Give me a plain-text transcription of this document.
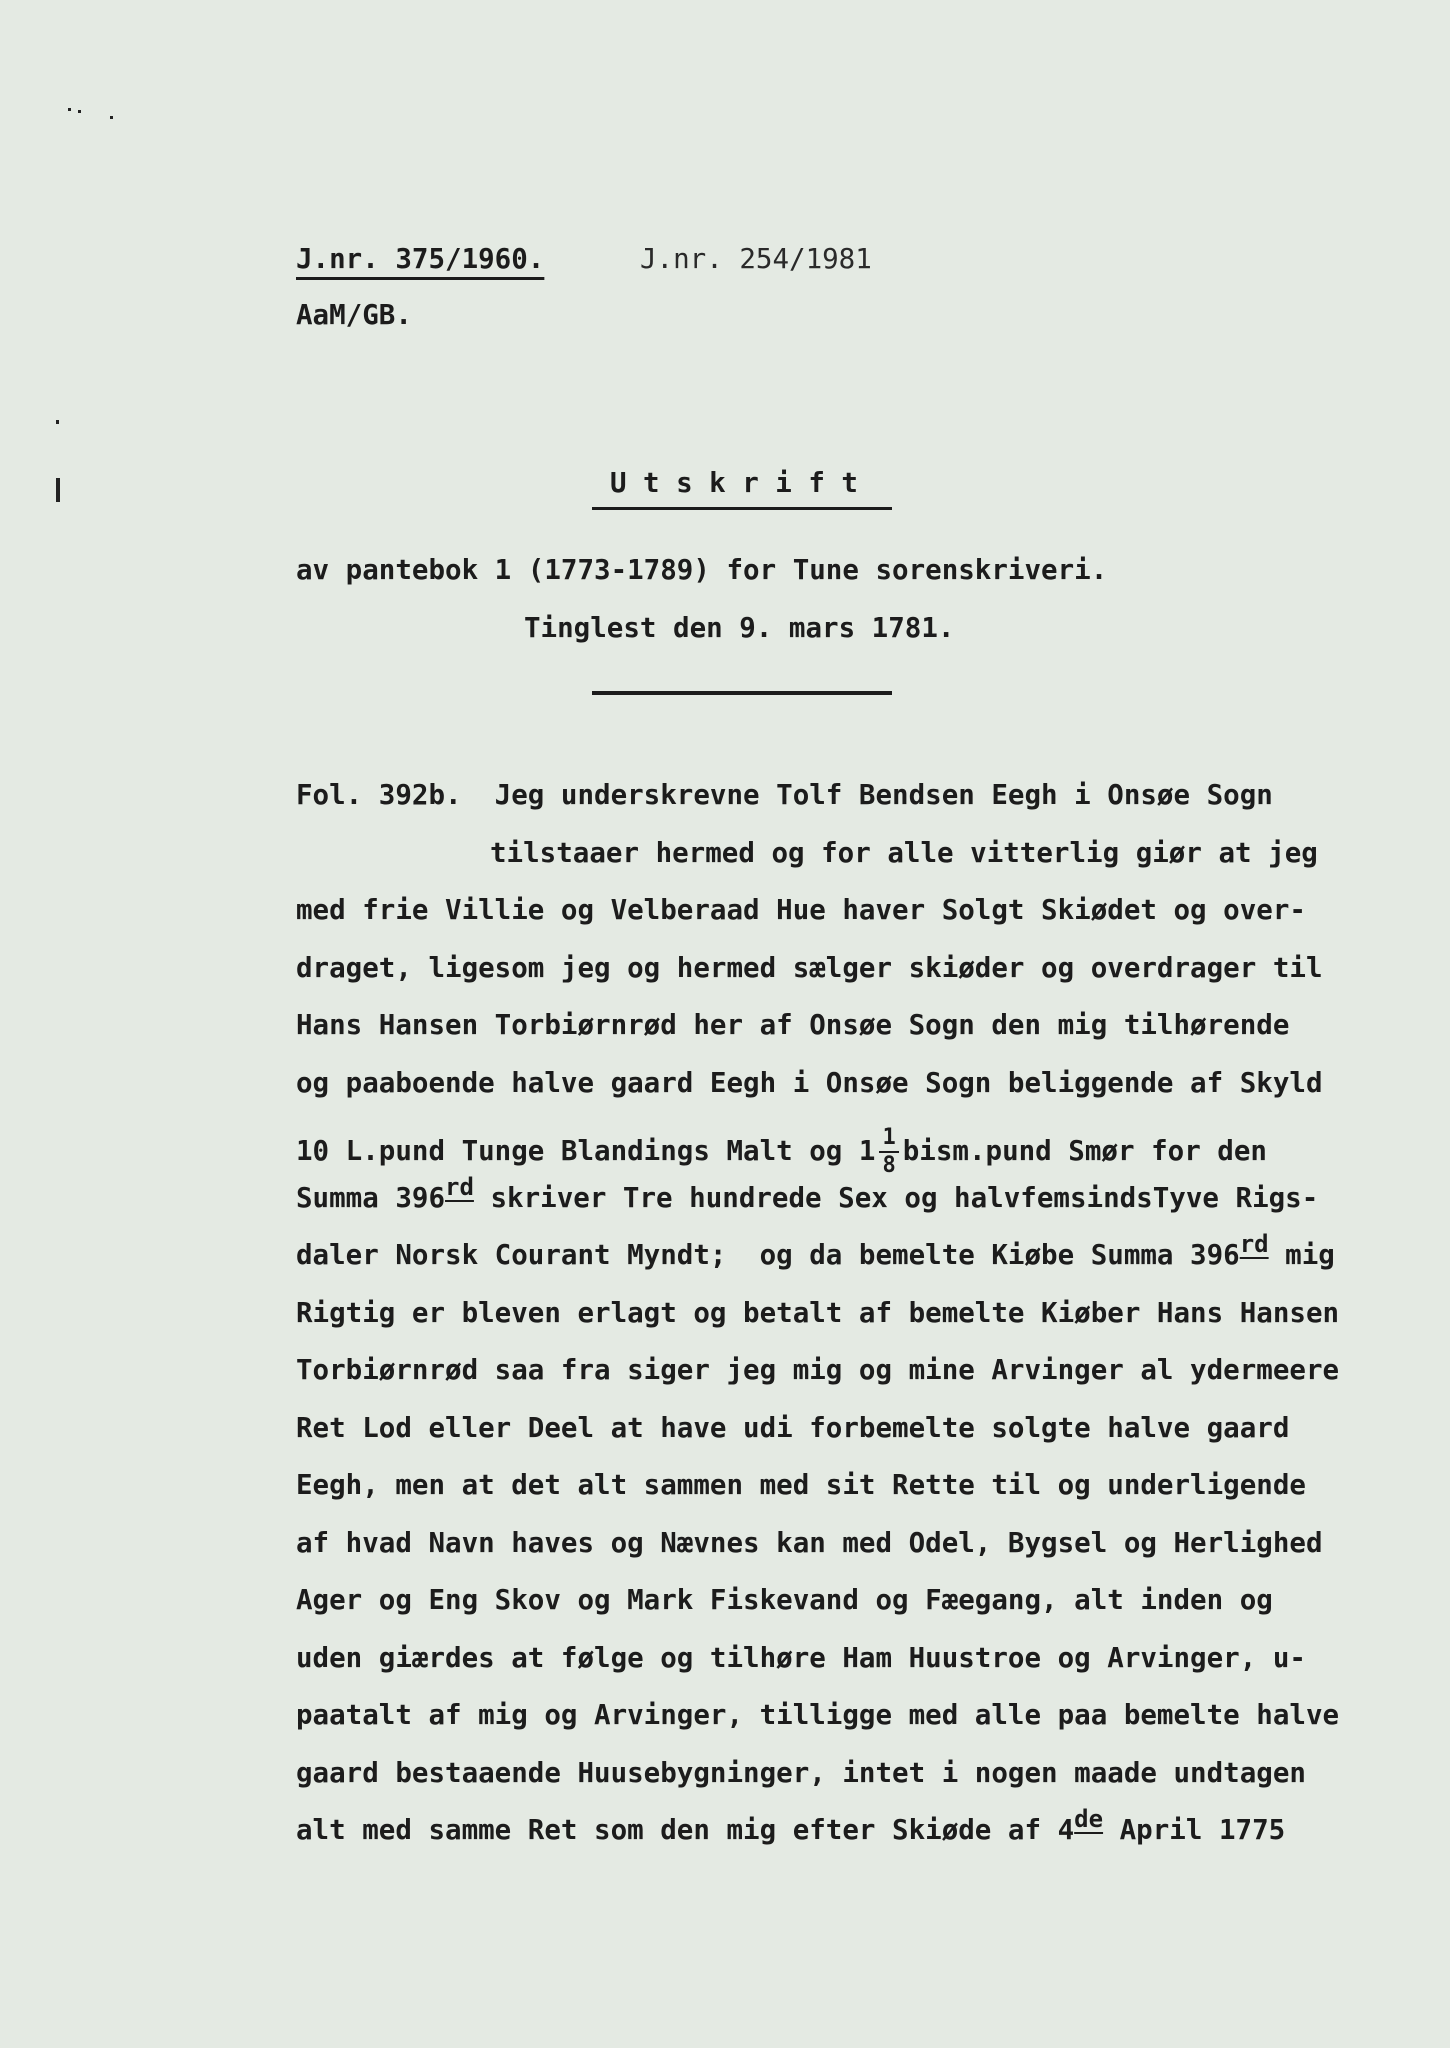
J.nr. 375/1960.	J.nr. 254/1981
AaM/GB.
Utskrift
av pantebok 1 (1773-1789) for Tune sorenskriveri.
Tinglest den 9. mars 1781.
Fol. 392b.  Jeg underskrevne Tolf Bendsen Eegh i Onsøe Sogn
tilstaaer hermed og for alle vitterlig giør at jeg
med frie Villie og Velberaad Hue haver Solgt Skiødet og over-
draget, ligesom jeg og hermed sælger skiøder og overdrager til
Hans Hansen Torbiørnrød her af Onsøe Sogn den mig tilhørende
og paaboende halve gaard Eegh i Onsøe Sogn beliggende af Skyld
10 L.pund Tunge Blandings Malt og $1 \frac{1}{8}$ bism.pund Smør for den
Summa 396rd skriver Tre hundrede Sex og halvfemsindsTyve Rigs-
daler Norsk Courant Myndt;  og da bemelte Kiøbe Summa 396rd mig
Rigtig er bleven erlagt og betalt af bemelte Kiøber Hans Hansen
Torbiørnrød saa fra siger jeg mig og mine Arvinger al ydermeere
Ret Lod eller Deel at have udi forbemelte solgte halve gaard
Eegh, men at det alt sammen med sit Rette til og underligende
af hvad Navn haves og Nævnes kan med Odel, Bygsel og Herlighed
Ager og Eng Skov og Mark Fiskevand og Fæegang, alt inden og
uden giærdes at følge og tilhøre Ham Huustroe og Arvinger, u-
paatalt af mig og Arvinger, tilligge med alle paa bemelte halve
gaard bestaaende Huusebygninger, intet i nogen maade undtagen
alt med samme Ret som den mig efter Skiøde af 4de April 1775
